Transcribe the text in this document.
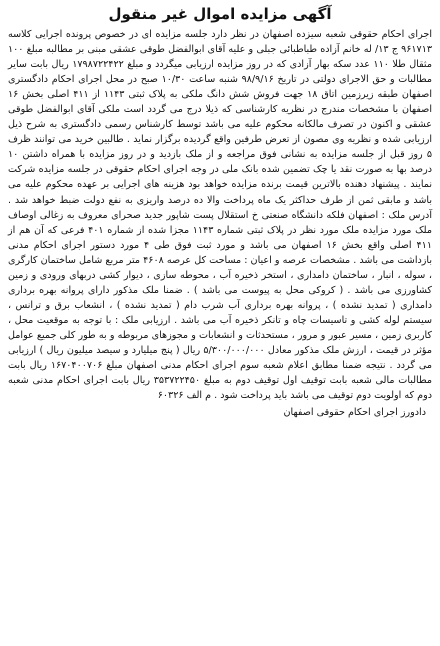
آگهی مزایده اموال غیر منقول

اجرای احکام حقوقی شعبه سیزده اصفهان در نظر دارد جلسه مزایده ای در خصوص پرونده اجرایی کلاسه ۹۶۱۷۱۳ ج ۱۳/ له خانم آزاده طباطبائی جبلی و علیه آقای ابوالفضل طوقی عشقی مبنی بر مطالبه مبلغ ۱۰۰ مثقال طلا ۱۱۰ عدد سکه بهار آزادی که در روز مزایده ارزیابی میگردد و مبلغ ۱۷۹۸۷۲۲۴۲۲ ریال بابت سایر مطالبات و حق الاجرای دولتی در تاریخ ۹۸/۹/۱۶ شنبه ساعت ۱۰/۳۰ صبح در محل اجرای احکام دادگستری اصفهان طبقه زیرزمین اتاق ۱۸ جهت فروش شش دانگ ملکی به پلاک ثبتی ۱۱۴۳ از ۴۱۱ اصلی بخش ۱۶ اصفهان با مشخصات مندرج در نظریه کارشناسی که ذیلا درج می گردد است ملکی آقای ابوالفضل طوقی عشقی و اکنون در تصرف مالکانه محکوم علیه می باشد توسط کارشناس رسمی دادگستری به شرح ذیل ارزیابی شده و نظریه وی مصون از تعرض طرفین واقع گردیده برگزار نماید . طالبین خرید می توانند ظرف ۵ روز قبل از جلسه مزایده به نشانی فوق مراجعه و از ملک بازدید و در روز مزایده با همراه داشتن ۱۰ درصد بها به صورت نقد یا چک تضمین شده بانک ملی در وجه اجرای احکام حقوقی در جلسه مزایده شرکت نمایند . پیشنهاد دهنده بالاترین قیمت برنده مزایده خواهد بود هزینه های اجرایی بر عهده محکوم علیه می باشد و مابقی ثمن از طرف حداکثر یک ماه پرداخت والا ده درصد واریزی به نفع دولت ضبط خواهد شد . آدرس ملک : اصفهان فلکه دانشگاه صنعتی خ استقلال پست شاپور جدید صحرای معروف به زغالی اوصاف ملک مورد مزایده ملک مورد نظر در پلاک ثبتی شماره ۱۱۴۳ مجزا شده از شماره ۴۰۱ فرعی که آن هم از ۴۱۱ اصلی واقع بخش ۱۶ اصفهان می باشد و مورد ثبت فوق طی ۴ مورد دستور اجرای احکام مدنی بازداشت می باشد . مشخصات عرصه و اعیان : مساحت کل عرصه ۴۶۰۸ متر مربع شامل ساختمان کارگری ، سوله ، انبار ، ساختمان دامداری ، استخر ذخیره آب ، محوطه سازی ، دیوار کشی دربهای ورودی و زمین کشاورزی می باشد . ( کروکی محل به پیوست می باشد ) . ضمنا ملک مذکور دارای پروانه بهره برداری دامداری ( تمدید نشده ) ، پروانه بهره برداری آب شرب دام ( تمدید نشده ) ، انشعاب برق و ترانس ، سیستم لوله کشی و تاسیسات چاه و تانکر ذخیره آب می باشد . ارزیابی ملک : با توجه به موقعیت محل ، کاربری زمین ، مسیر عبور و مرور ، مستحدثات و انشعابات و مجوزهای مربوطه و به طور کلی جمیع عوامل مؤثر در قیمت ، ارزش ملک مذکور معادل ۵/۳۰۰/۰۰۰/۰۰۰ ریال ( پنج میلیارد و سیصد میلیون ریال ) ارزیابی می گردد . نتیجه ضمنا مطابق اعلام شعبه سوم اجرای احکام مدنی اصفهان مبلغ ۱۶۷۰۴۰۰۷۰۶ ریال بابت مطالبات مالی شعبه بابت توقیف اول توقیف دوم به مبلغ ۳۵۳۷۲۲۴۵۰ ریال بابت اجرای احکام مدنی شعبه دوم که اولویت دوم توقیف می باشد باید پرداخت شود . م الف ۶۰۳۲۶

دادورز اجرای احکام حقوقی اصفهان
